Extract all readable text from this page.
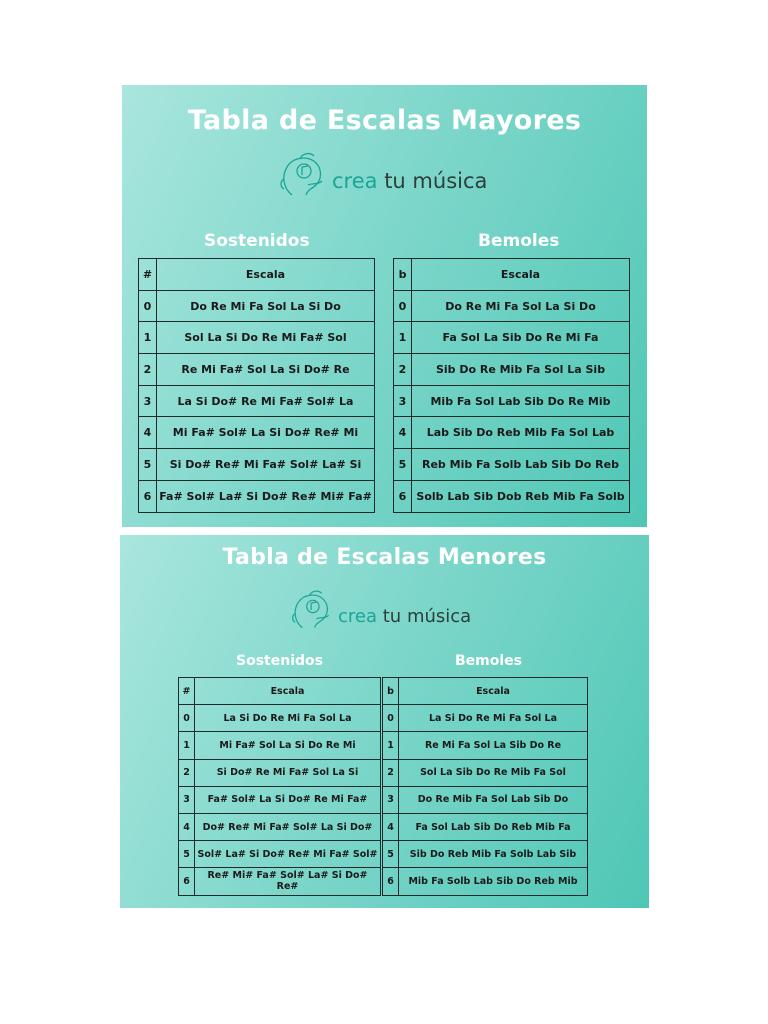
Tabla de Escalas Mayores
crea tu música
Sostenidos	Bemoles
#	Escala
0	Do Re Mi Fa Sol La Si Do
1	Sol La Si Do Re Mi Fa# Sol
2	Re Mi Fa# Sol La Si Do# Re
3	La Si Do# Re Mi Fa# Sol# La
4	Mi Fa# Sol# La Si Do# Re# Mi
5	Si Do# Re# Mi Fa# Sol# La# Si
6	Fa# Sol# La# Si Do# Re# Mi# Fa#
b	Escala
0	Do Re Mi Fa Sol La Si Do
1	Fa Sol La Sib Do Re Mi Fa
2	Sib Do Re Mib Fa Sol La Sib
3	Mib Fa Sol Lab Sib Do Re Mib
4	Lab Sib Do Reb Mib Fa Sol Lab
5	Reb Mib Fa Solb Lab Sib Do Reb
6	Solb Lab Sib Dob Reb Mib Fa Solb
Tabla de Escalas Menores
crea tu música
Sostenidos	Bemoles
#	Escala
0	La Si Do Re Mi Fa Sol La
1	Mi Fa# Sol La Si Do Re Mi
2	Si Do# Re Mi Fa# Sol La Si
3	Fa# Sol# La Si Do# Re Mi Fa#
4	Do# Re# Mi Fa# Sol# La Si Do#
5	Sol# La# Si Do# Re# Mi Fa# Sol#
6	Re# Mi# Fa# Sol# La# Si Do# Re#
b	Escala
0	La Si Do Re Mi Fa Sol La
1	Re Mi Fa Sol La Sib Do Re
2	Sol La Sib Do Re Mib Fa Sol
3	Do Re Mib Fa Sol Lab Sib Do
4	Fa Sol Lab Sib Do Reb Mib Fa
5	Sib Do Reb Mib Fa Solb Lab Sib
6	Mib Fa Solb Lab Sib Do Reb Mib
